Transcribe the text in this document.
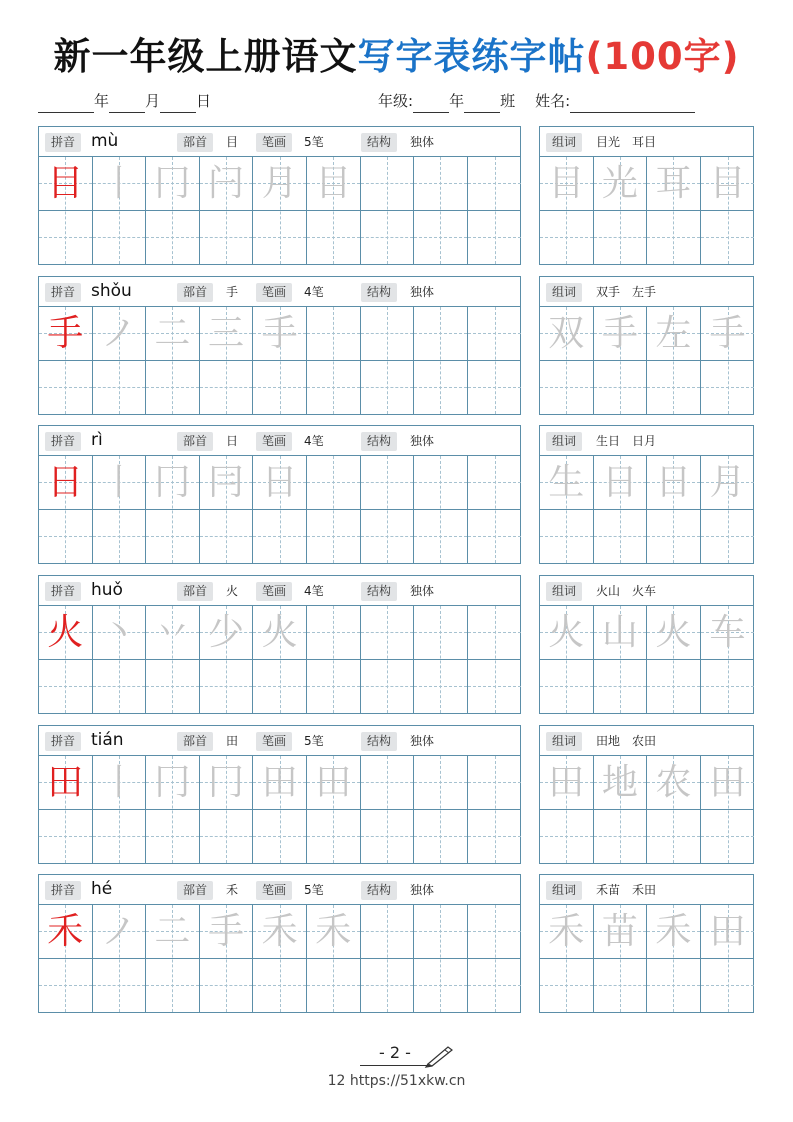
新一年级上册语文写字表练字帖(100字)
年 月 日	年级: 年 班 姓名:
拼音 mù	部首	目	笔画	5笔	结构	独体
目 丨 冂 闩 月 目
组词	目光　耳目
目 光 耳 目
拼音 shǒu	部首	手	笔画	4笔	结构	独体
手 ノ 二 三 手
组词	双手　左手
双 手 左 手
拼音 rì	部首	日	笔画	4笔	结构	独体
日 丨 冂 冃 日
组词	生日　日月
生 日 日 月
拼音 huǒ	部首	火	笔画	4笔	结构	独体
火 丶 丷 少 火
组词	火山　火车
火 山 火 车
拼音 tián	部首	田	笔画	5笔	结构	独体
田 丨 冂 冂 田 田
组词	田地　农田
田 地 农 田
拼音 hé	部首	禾	笔画	5笔	结构	独体
禾 ノ 二 手 禾 禾
组词	禾苗　禾田
禾 苗 禾 田
- 2 -
12 https://51xkw.cn
